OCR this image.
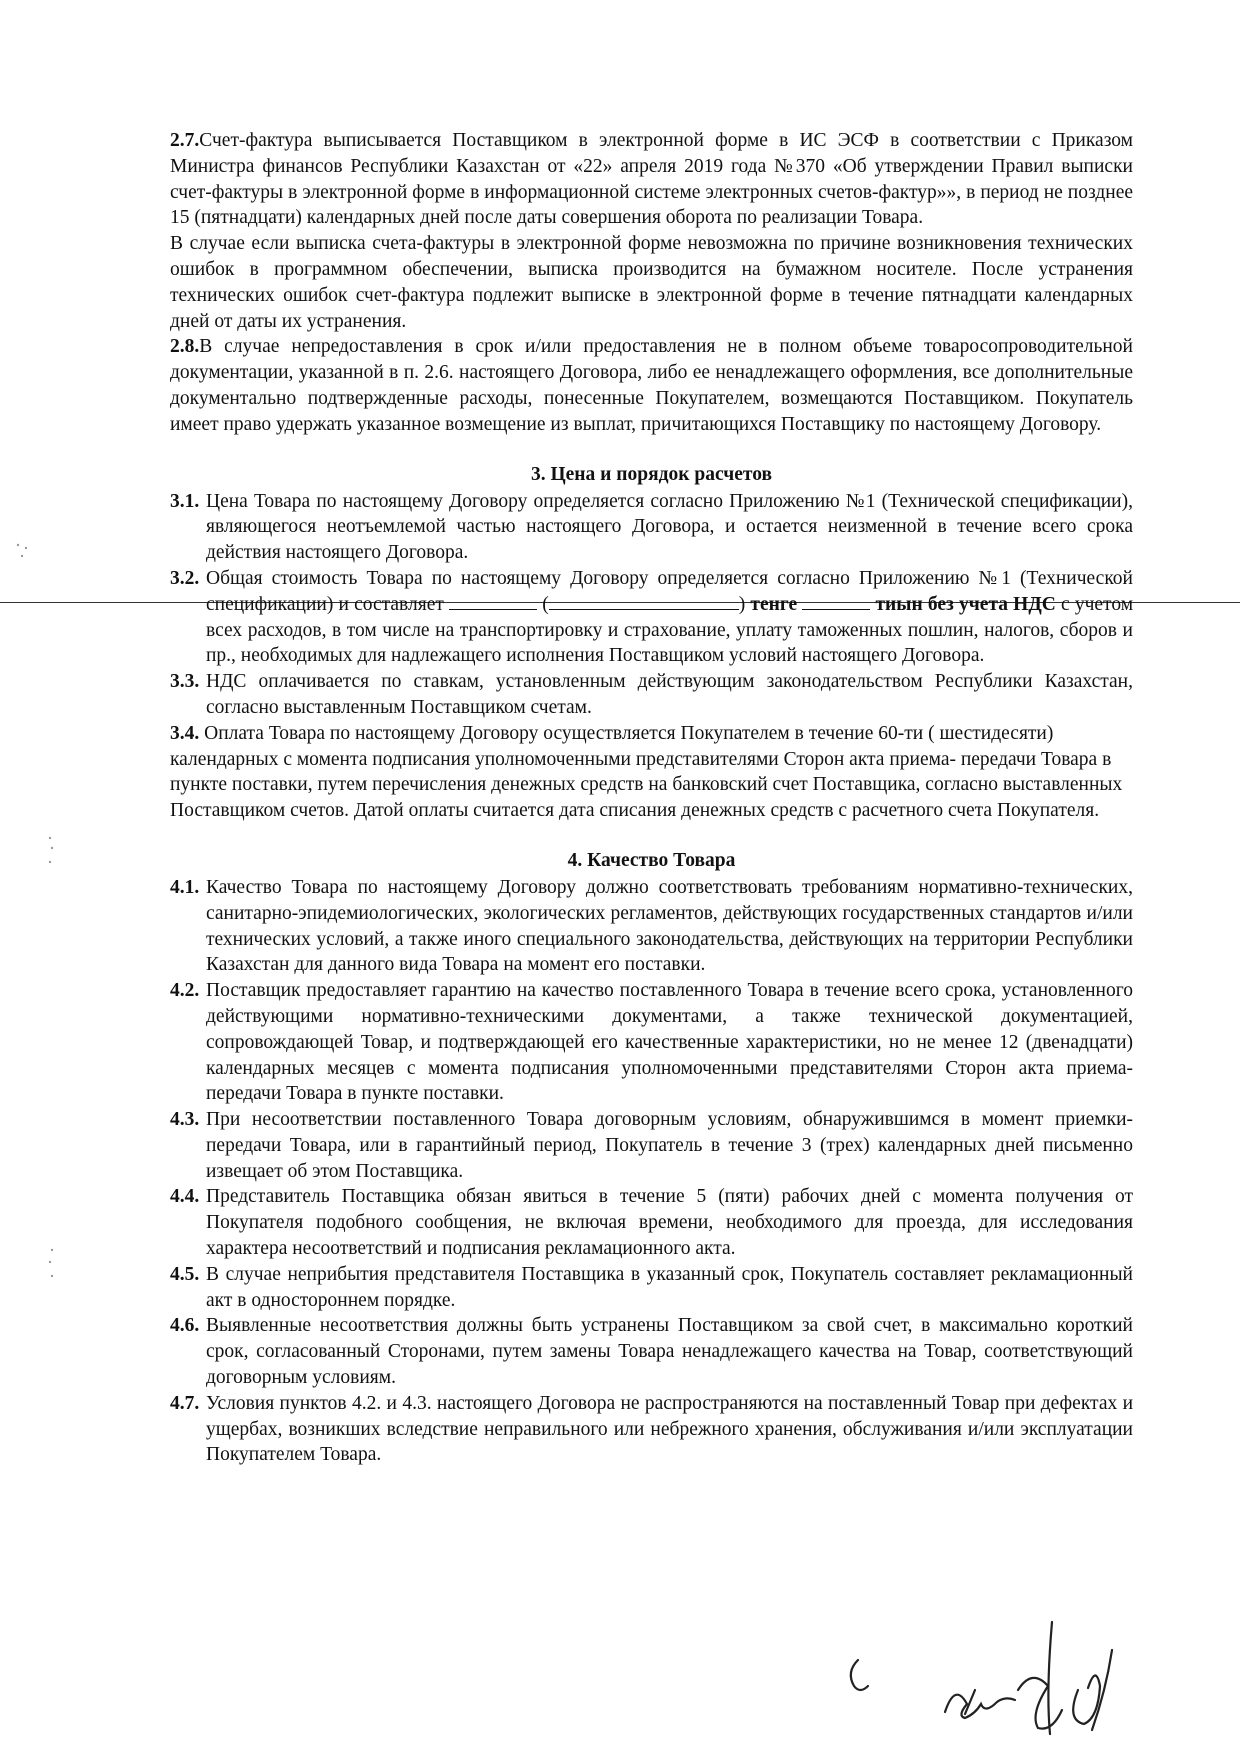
2.7.Счет-фактура выписывается Поставщиком в электронной форме в ИС ЭСФ в соответствии с Приказом Министра финансов Республики Казахстан от «22» апреля 2019 года №370 «Об утверждении Правил выписки счет-фактуры в электронной форме в информационной системе электронных счетов-фактур»», в период не позднее 15 (пятнадцати) календарных дней после даты совершения оборота по реализации Товара.

В случае если выписка счета-фактуры в электронной форме невозможна по причине возникновения технических ошибок в программном обеспечении, выписка производится на бумажном носителе. После устранения технических ошибок счет-фактура подлежит выписке в электронной форме в течение пятнадцати календарных дней от даты их устранения.

2.8.В случае непредоставления в срок и/или предоставления не в полном объеме товаросопроводительной документации, указанной в п. 2.6. настоящего Договора, либо ее ненадлежащего оформления, все дополнительные документально подтвержденные расходы, понесенные Покупателем, возмещаются Поставщиком. Покупатель имеет право удержать указанное возмещение из выплат, причитающихся Поставщику по настоящему Договору.

3. Цена и порядок расчетов
3.1. Цена Товара по настоящему Договору определяется согласно Приложению №1 (Технической спецификации), являющегося неотъемлемой частью настоящего Договора, и остается неизменной в течение всего срока действия настоящего Договора.
3.2. Общая стоимость Товара по настоящему Договору определяется согласно Приложению №1 (Технической спецификации) и составляет	(	) тенге	тиын без учета НДС с учетом всех расходов, в том числе на транспортировку и страхование, уплату таможенных пошлин, налогов, сборов и пр., необходимых для надлежащего исполнения Поставщиком условий настоящего Договора.
3.3. НДС оплачивается по ставкам, установленным действующим законодательством Республики Казахстан, согласно выставленным Поставщиком счетам.

3.4. Оплата Товара по настоящему Договору осуществляется Покупателем в течение 60-ти ( шестидесяти) календарных с момента подписания уполномоченными представителями Сторон акта приема- передачи Товара в пункте поставки, путем перечисления денежных средств на банковский счет Поставщика, согласно выставленных Поставщиком счетов. Датой оплаты считается дата списания денежных средств с расчетного счета Покупателя.

4. Качество Товара
4.1. Качество Товара по настоящему Договору должно соответствовать требованиям нормативно-технических, санитарно-эпидемиологических, экологических регламентов, действующих государственных стандартов и/или технических условий, а также иного специального законодательства, действующих на территории Республики Казахстан для данного вида Товара на момент его поставки.
4.2. Поставщик предоставляет гарантию на качество поставленного Товара в течение всего срока, установленного действующими нормативно-техническими документами, а также технической документацией, сопровождающей Товар, и подтверждающей его качественные характеристики, но не менее 12 (двенадцати) календарных месяцев с момента подписания уполномоченными представителями Сторон акта приема-передачи Товара в пункте поставки.
4.3. При несоответствии поставленного Товара договорным условиям, обнаружившимся в момент приемки-передачи Товара, или в гарантийный период, Покупатель в течение 3 (трех) календарных дней письменно извещает об этом Поставщика.
4.4. Представитель Поставщика обязан явиться в течение 5 (пяти) рабочих дней с момента получения от Покупателя подобного сообщения, не включая времени, необходимого для проезда, для исследования характера несоответствий и подписания рекламационного акта.
4.5. В случае неприбытия представителя Поставщика в указанный срок, Покупатель составляет рекламационный акт в одностороннем порядке.
4.6. Выявленные несоответствия должны быть устранены Поставщиком за свой счет, в максимально короткий срок, согласованный Сторонами, путем замены Товара ненадлежащего качества на Товар, соответствующий договорным условиям.
4.7. Условия пунктов 4.2. и 4.3. настоящего Договора не распространяются на поставленный Товар при дефектах и ущербах, возникших вследствие неправильного или небрежного хранения, обслуживания и/или эксплуатации Покупателем Товара.
